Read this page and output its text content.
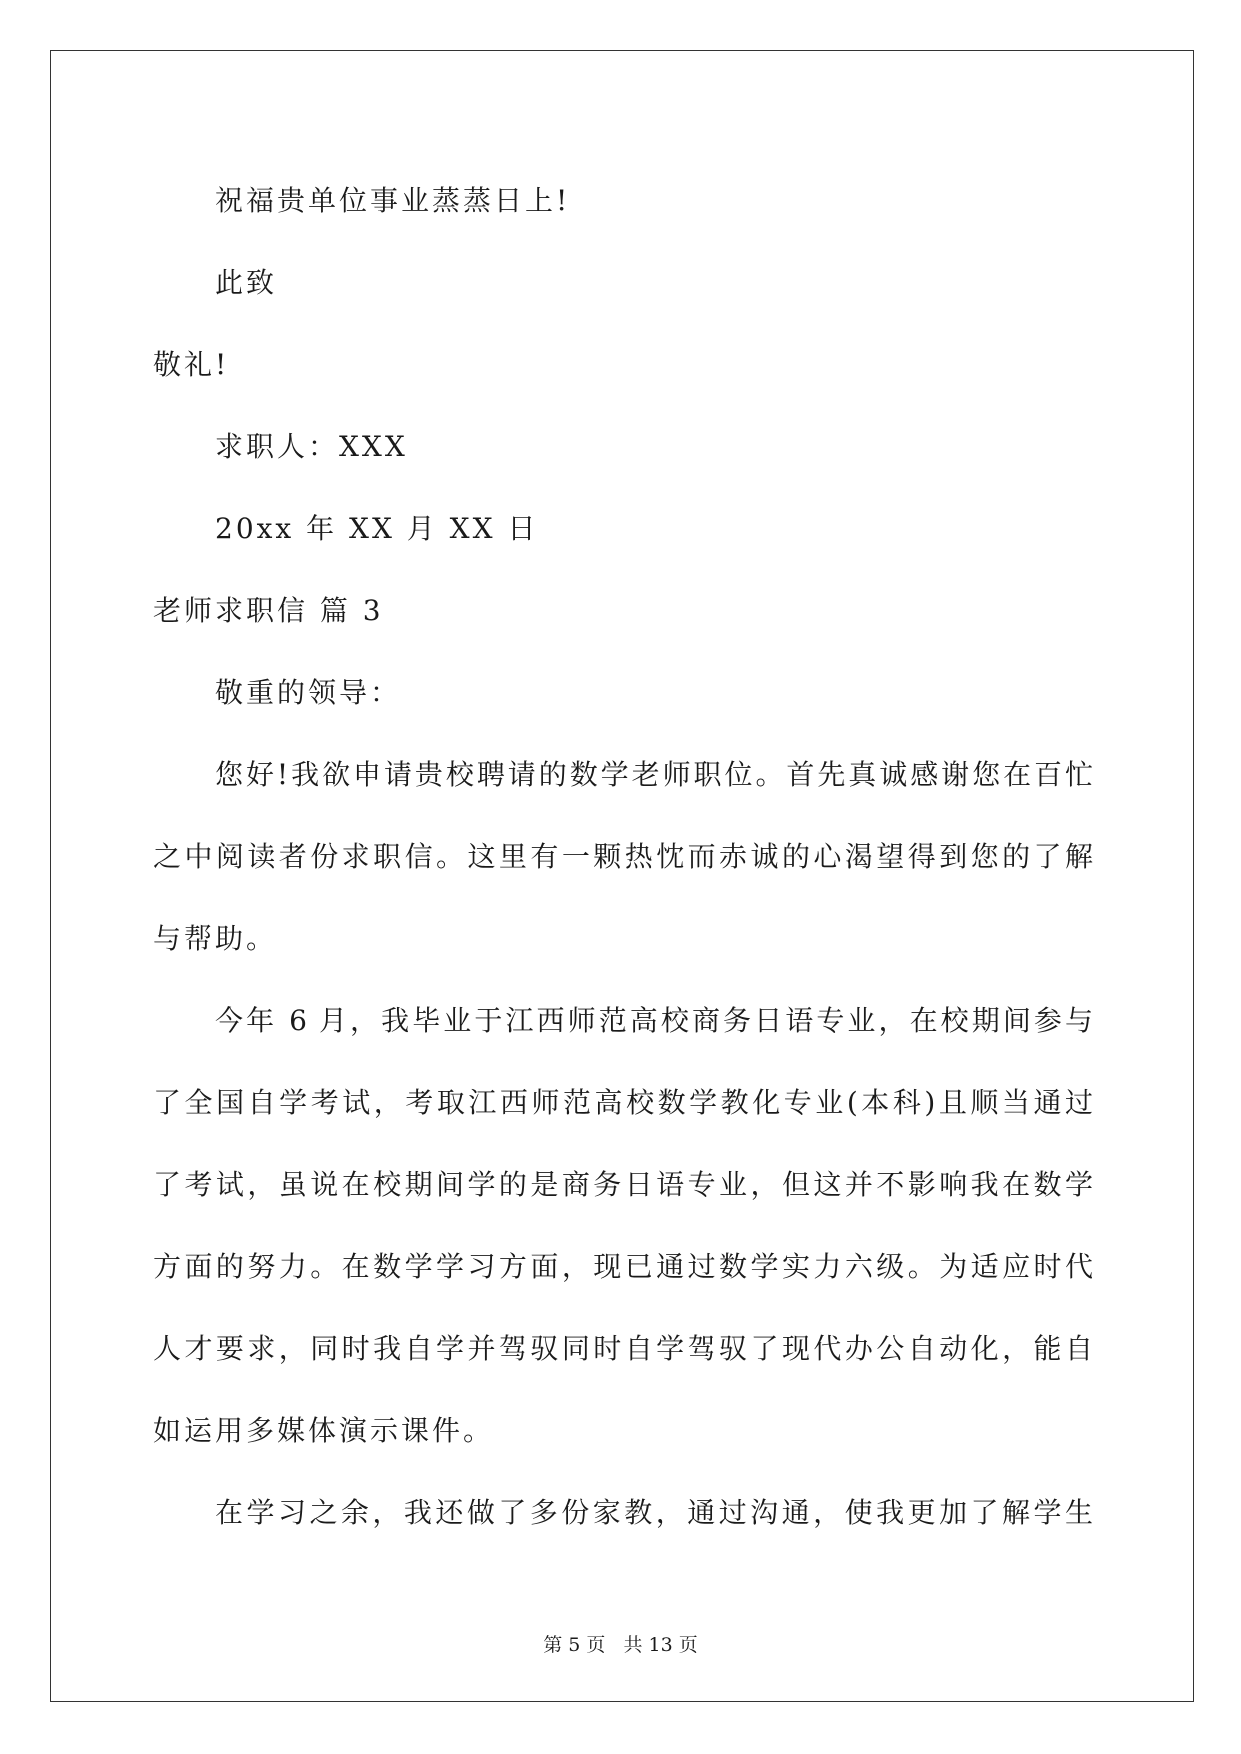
祝福贵单位事业蒸蒸日上!

此致

敬礼!

求职人：XXX

20xx 年 XX 月 XX 日

老师求职信 篇 3

敬重的领导：

您好!我欲申请贵校聘请的数学老师职位。首先真诚感谢您在百忙

之中阅读者份求职信。这里有一颗热忱而赤诚的心渴望得到您的了解

与帮助。

今年 6 月，我毕业于江西师范高校商务日语专业，在校期间参与

了全国自学考试，考取江西师范高校数学教化专业(本科)且顺当通过

了考试，虽说在校期间学的是商务日语专业，但这并不影响我在数学

方面的努力。在数学学习方面，现已通过数学实力六级。为适应时代

人才要求，同时我自学并驾驭同时自学驾驭了现代办公自动化，能自

如运用多媒体演示课件。

在学习之余，我还做了多份家教，通过沟通，使我更加了解学生

第 5 页 共 13 页
